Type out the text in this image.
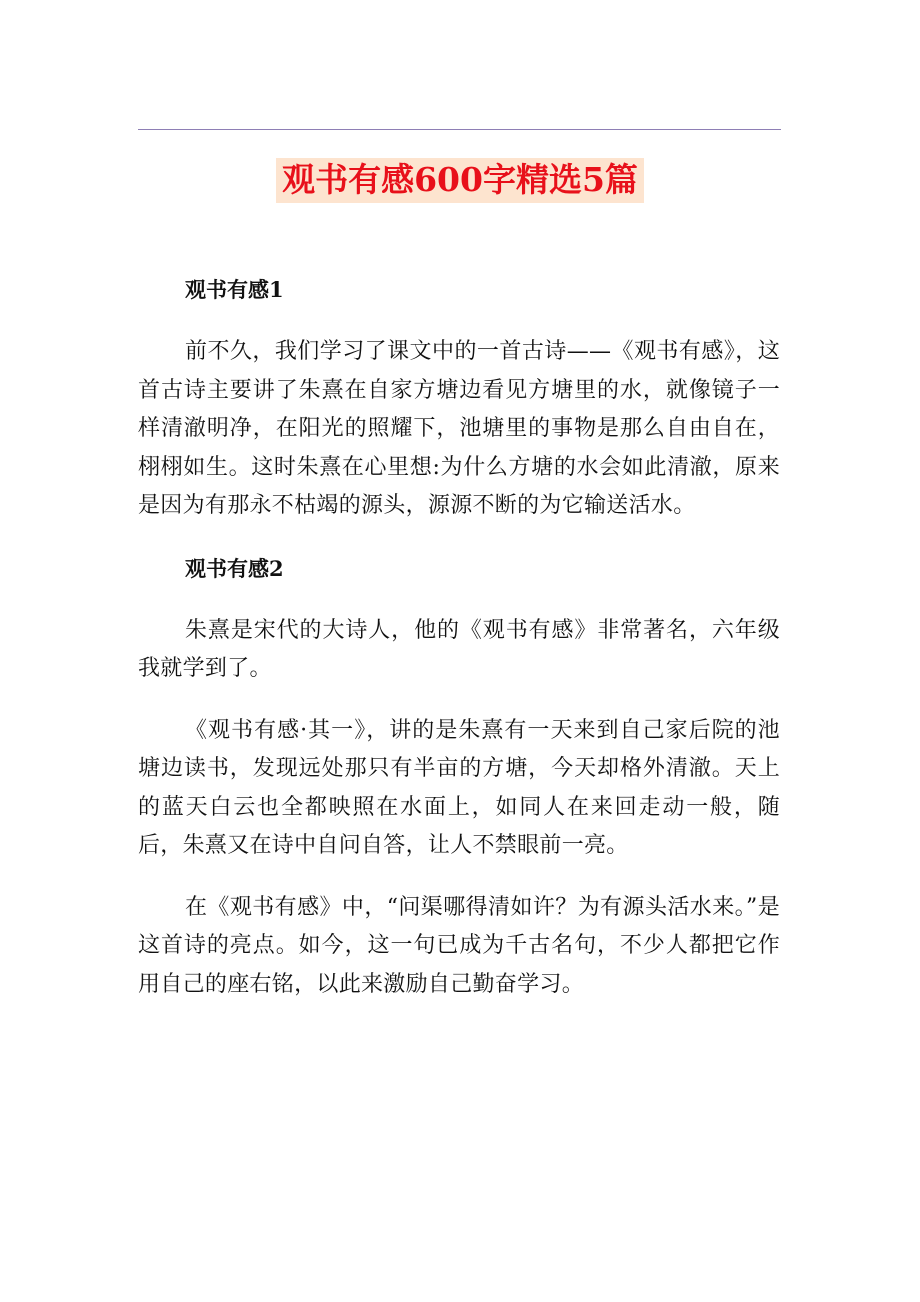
观书有感600字精选5篇
观书有感1

前不久，我们学习了课文中的一首古诗——《观书有感》，这首古诗主要讲了朱熹在自家方塘边看见方塘里的水，就像镜子一样清澈明净，在阳光的照耀下，池塘里的事物是那么自由自在，栩栩如生。这时朱熹在心里想:为什么方塘的水会如此清澈，原来是因为有那永不枯竭的源头，源源不断的为它输送活水。

观书有感2

朱熹是宋代的大诗人，他的《观书有感》非常著名，六年级我就学到了。

《观书有感·其一》，讲的是朱熹有一天来到自己家后院的池塘边读书，发现远处那只有半亩的方塘，今天却格外清澈。天上的蓝天白云也全都映照在水面上，如同人在来回走动一般，随后，朱熹又在诗中自问自答，让人不禁眼前一亮。

在《观书有感》中，“问渠哪得清如许？为有源头活水来。”是这首诗的亮点。如今，这一句已成为千古名句，不少人都把它作用自己的座右铭，以此来激励自己勤奋学习。
